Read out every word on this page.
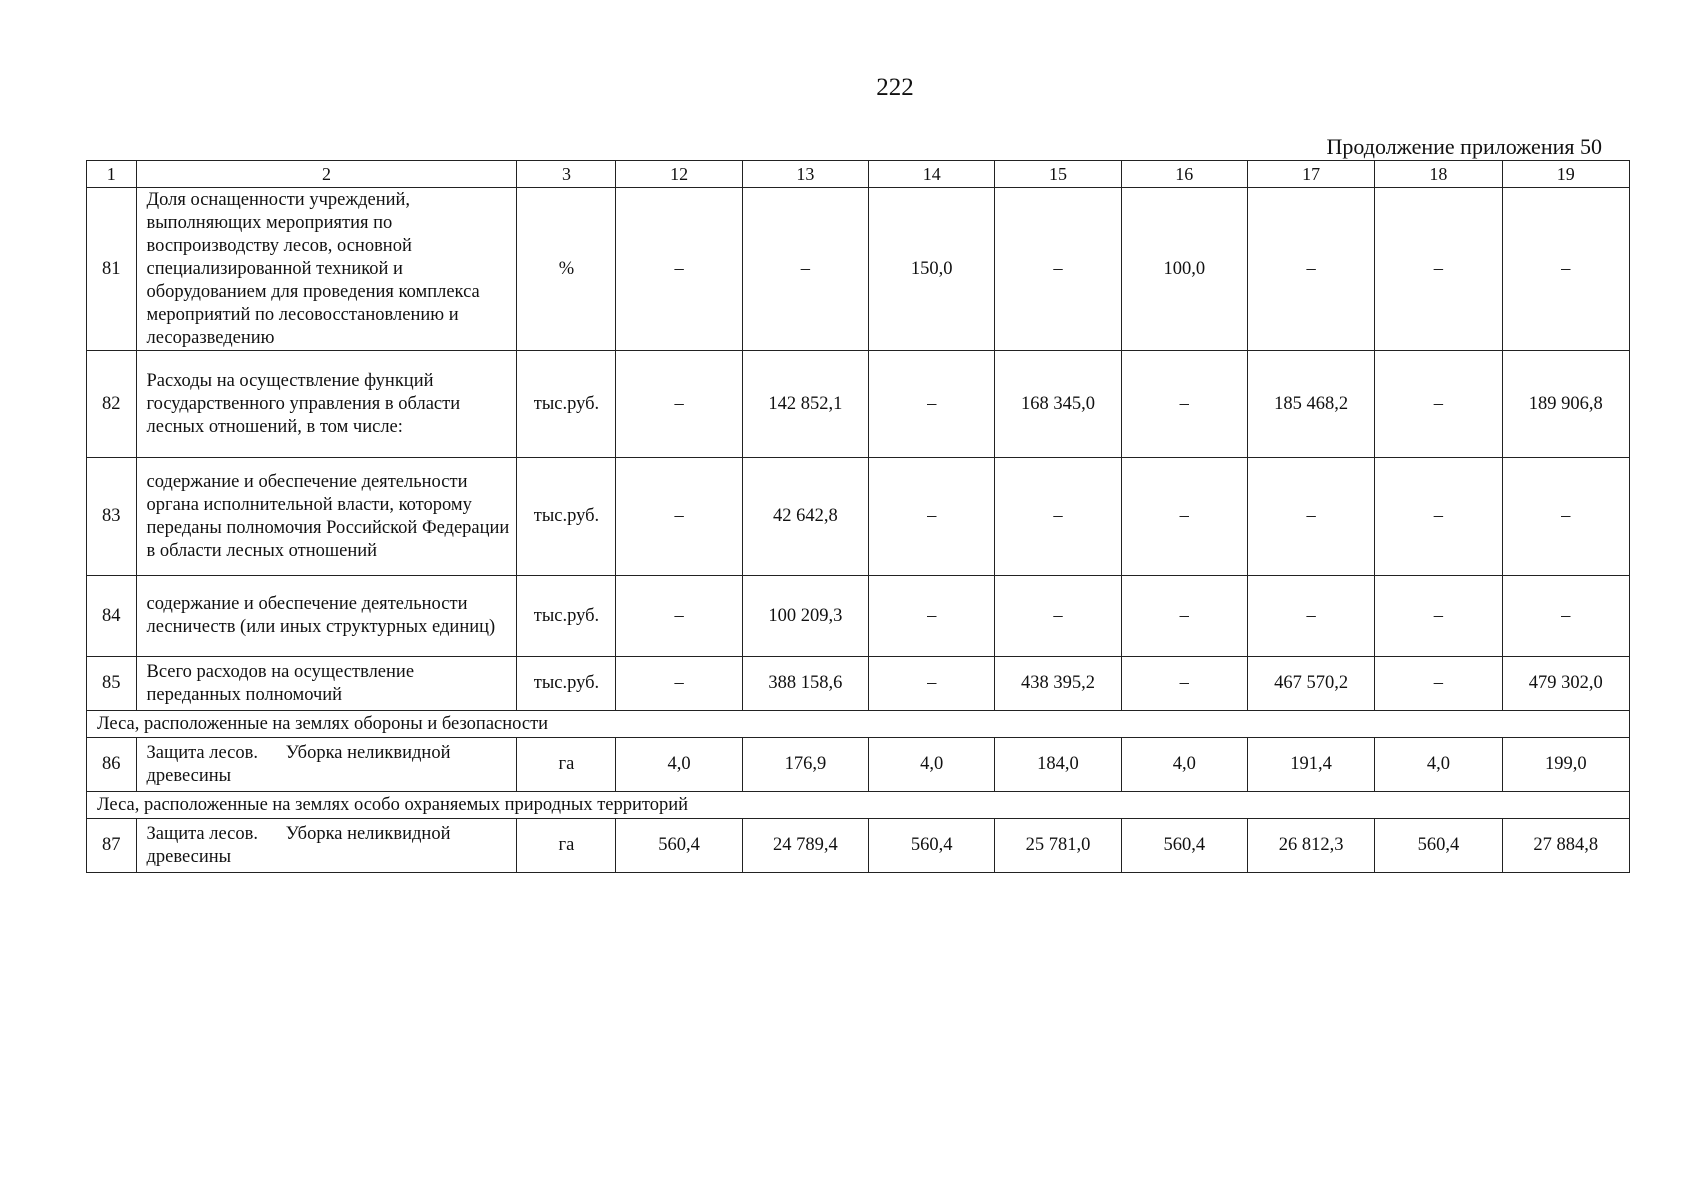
222
Продолжение приложения 50
1	2	3	12	13	14	15	16	17	18	19
81	Доля оснащенности учреждений, выполняющих мероприятия по воспроизводству лесов, основной специализированной техникой и оборудованием для проведения комплекса мероприятий по лесовосстановлению и лесоразведению	%	–	–	150,0	–	100,0	–	–	–
82	Расходы на осуществление функций государственного управления в области лесных отношений, в том числе:	тыс.руб.	–	142 852,1	–	168 345,0	–	185 468,2	–	189 906,8
83	содержание и обеспечение деятельности органа исполнительной власти, которому переданы полномочия Российской Федерации в области лесных отношений	тыс.руб.	–	42 642,8	–	–	–	–	–	–
84	содержание и обеспечение деятельности лесничеств (или иных структурных единиц)	тыс.руб.	–	100 209,3	–	–	–	–	–	–
85	Всего расходов на осуществление переданных полномочий	тыс.руб.	–	388 158,6	–	438 395,2	–	467 570,2	–	479 302,0
Леса, расположенные на землях обороны и безопасности										
86	Защита лесов.      Уборка неликвидной древесины	га	4,0	176,9	4,0	184,0	4,0	191,4	4,0	199,0
Леса, расположенные на землях особо охраняемых природных территорий										
87	Защита лесов.      Уборка неликвидной древесины	га	560,4	24 789,4	560,4	25 781,0	560,4	26 812,3	560,4	27 884,8
